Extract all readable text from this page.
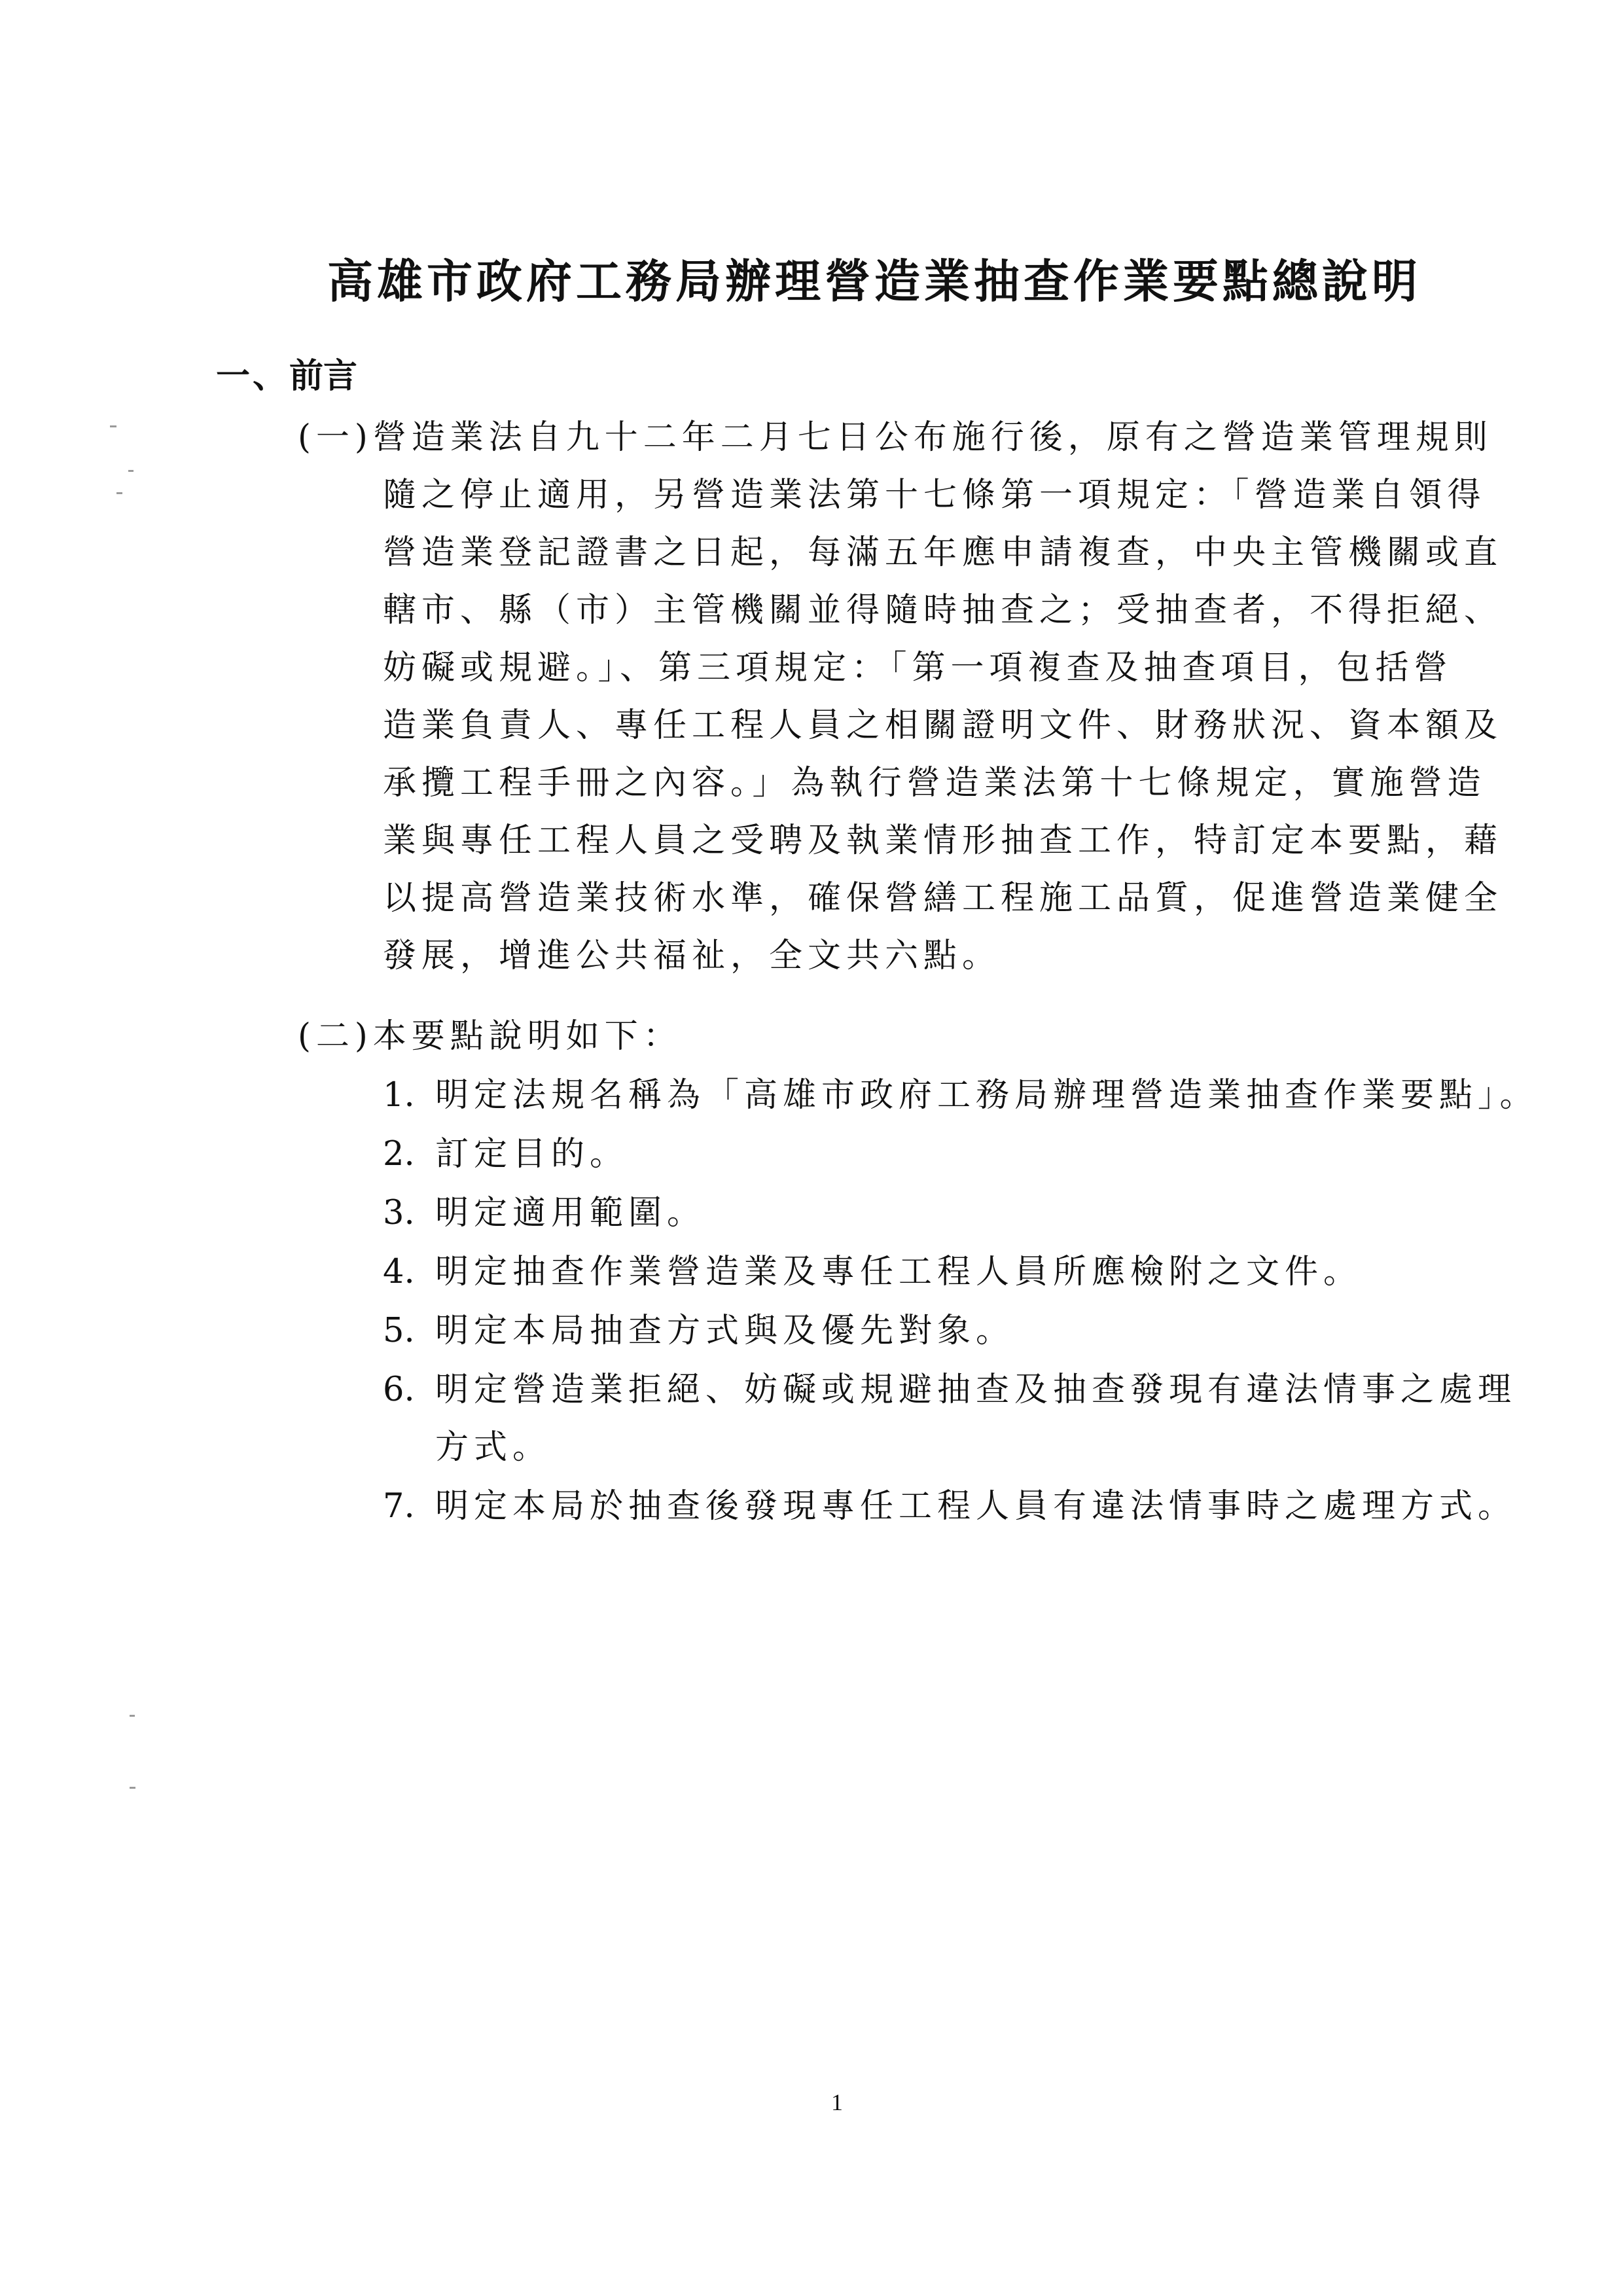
高雄市政府工務局辦理營造業抽查作業要點總說明
一、前言
(一)營造業法自九十二年二月七日公布施行後，原有之營造業管理規則
隨之停止適用，另營造業法第十七條第一項規定：「營造業自領得
營造業登記證書之日起，每滿五年應申請複查，中央主管機關或直
轄市、縣（市）主管機關並得隨時抽查之；受抽查者，不得拒絕、
妨礙或規避。」、第三項規定：「第一項複查及抽查項目，包括營
造業負責人、專任工程人員之相關證明文件、財務狀況、資本額及
承攬工程手冊之內容。」為執行營造業法第十七條規定，實施營造
業與專任工程人員之受聘及執業情形抽查工作，特訂定本要點，藉
以提高營造業技術水準，確保營繕工程施工品質，促進營造業健全
發展，增進公共福祉，全文共六點。
(二)本要點說明如下：
1. 明定法規名稱為「高雄市政府工務局辦理營造業抽查作業要點」。
2. 訂定目的。
3. 明定適用範圍。
4. 明定抽查作業營造業及專任工程人員所應檢附之文件。
5. 明定本局抽查方式與及優先對象。
6. 明定營造業拒絕、妨礙或規避抽查及抽查發現有違法情事之處理
方式。
7. 明定本局於抽查後發現專任工程人員有違法情事時之處理方式。
1
